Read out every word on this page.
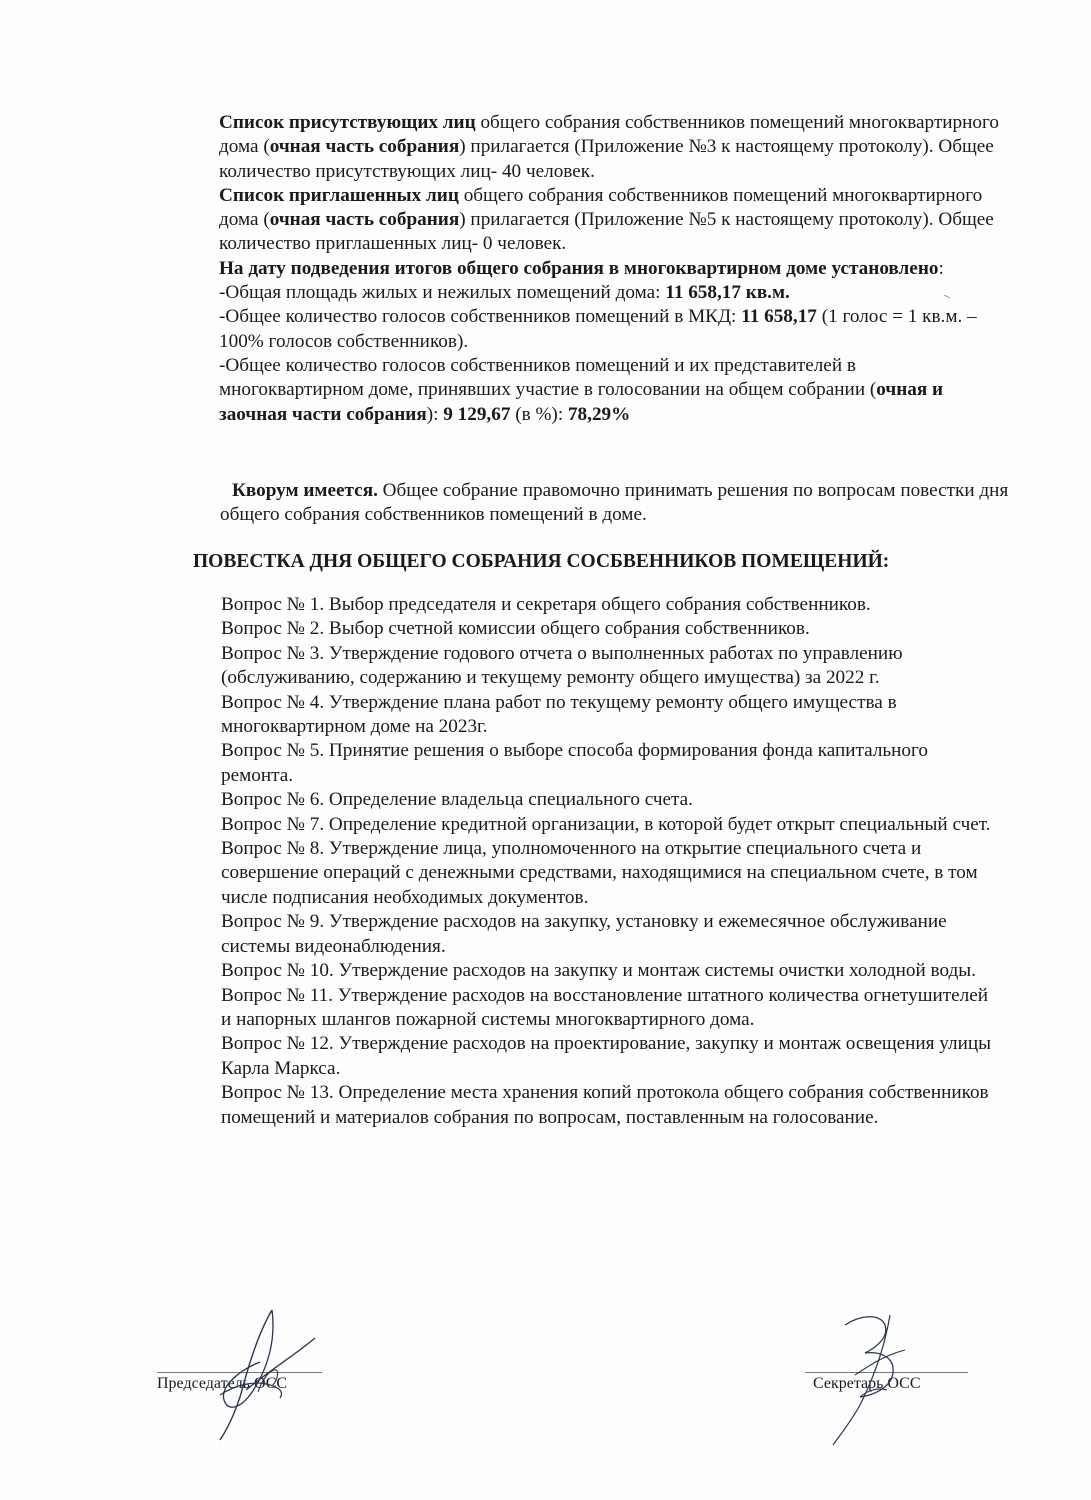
Список присутствующих лиц общего собрания собственников помещений многоквартирного дома (очная часть собрания) прилагается (Приложение №3 к настоящему протоколу). Общее количество присутствующих лиц- 40 человек.

Список приглашенных лиц общего собрания собственников помещений многоквартирного дома (очная часть собрания) прилагается (Приложение №5 к настоящему протоколу). Общее количество приглашенных лиц- 0 человек.

На дату подведения итогов общего собрания в многоквартирном доме установлено:

-Общая площадь жилых и нежилых помещений дома: 11 658,17 кв.м.

-Общее количество голосов собственников помещений в МКД: 11 658,17 (1 голос = 1 кв.м. – 100% голосов собственников).

-Общее количество голосов собственников помещений и их представителей в многоквартирном доме, принявших участие в голосовании на общем собрании (очная и заочная части собрания): 9 129,67 (в %): 78,29%

Кворум имеется. Общее собрание правомочно принимать решения по вопросам повестки дня общего собрания собственников помещений в доме.

ПОВЕСТКА ДНЯ ОБЩЕГО СОБРАНИЯ СОСБВЕННИКОВ ПОМЕЩЕНИЙ:

Вопрос № 1. Выбор председателя и секретаря общего собрания собственников.

Вопрос № 2. Выбор счетной комиссии общего собрания собственников.

Вопрос № 3. Утверждение годового отчета о выполненных работах по управлению (обслуживанию, содержанию и текущему ремонту общего имущества) за 2022 г.

Вопрос № 4. Утверждение плана работ по текущему ремонту общего имущества в многоквартирном доме на 2023г.

Вопрос № 5. Принятие решения о выборе способа формирования фонда капитального ремонта.

Вопрос № 6. Определение владельца специального счета.

Вопрос № 7. Определение кредитной организации, в которой будет открыт специальный счет.

Вопрос № 8. Утверждение лица, уполномоченного на открытие специального счета и совершение операций с денежными средствами, находящимися на специальном счете, в том числе подписания необходимых документов.

Вопрос № 9. Утверждение расходов на закупку, установку и ежемесячное обслуживание системы видеонаблюдения.

Вопрос № 10. Утверждение расходов на закупку и монтаж системы очистки холодной воды.

Вопрос № 11. Утверждение расходов на восстановление штатного количества огнетушителей и напорных шлангов пожарной системы многоквартирного дома.

Вопрос № 12. Утверждение расходов на проектирование, закупку и монтаж освещения улицы Карла Маркса.

Вопрос № 13. Определение места хранения копий протокола общего собрания собственников помещений и материалов собрания по вопросам, поставленным на голосование.

Председатель ОСС	Секретарь ОСС
